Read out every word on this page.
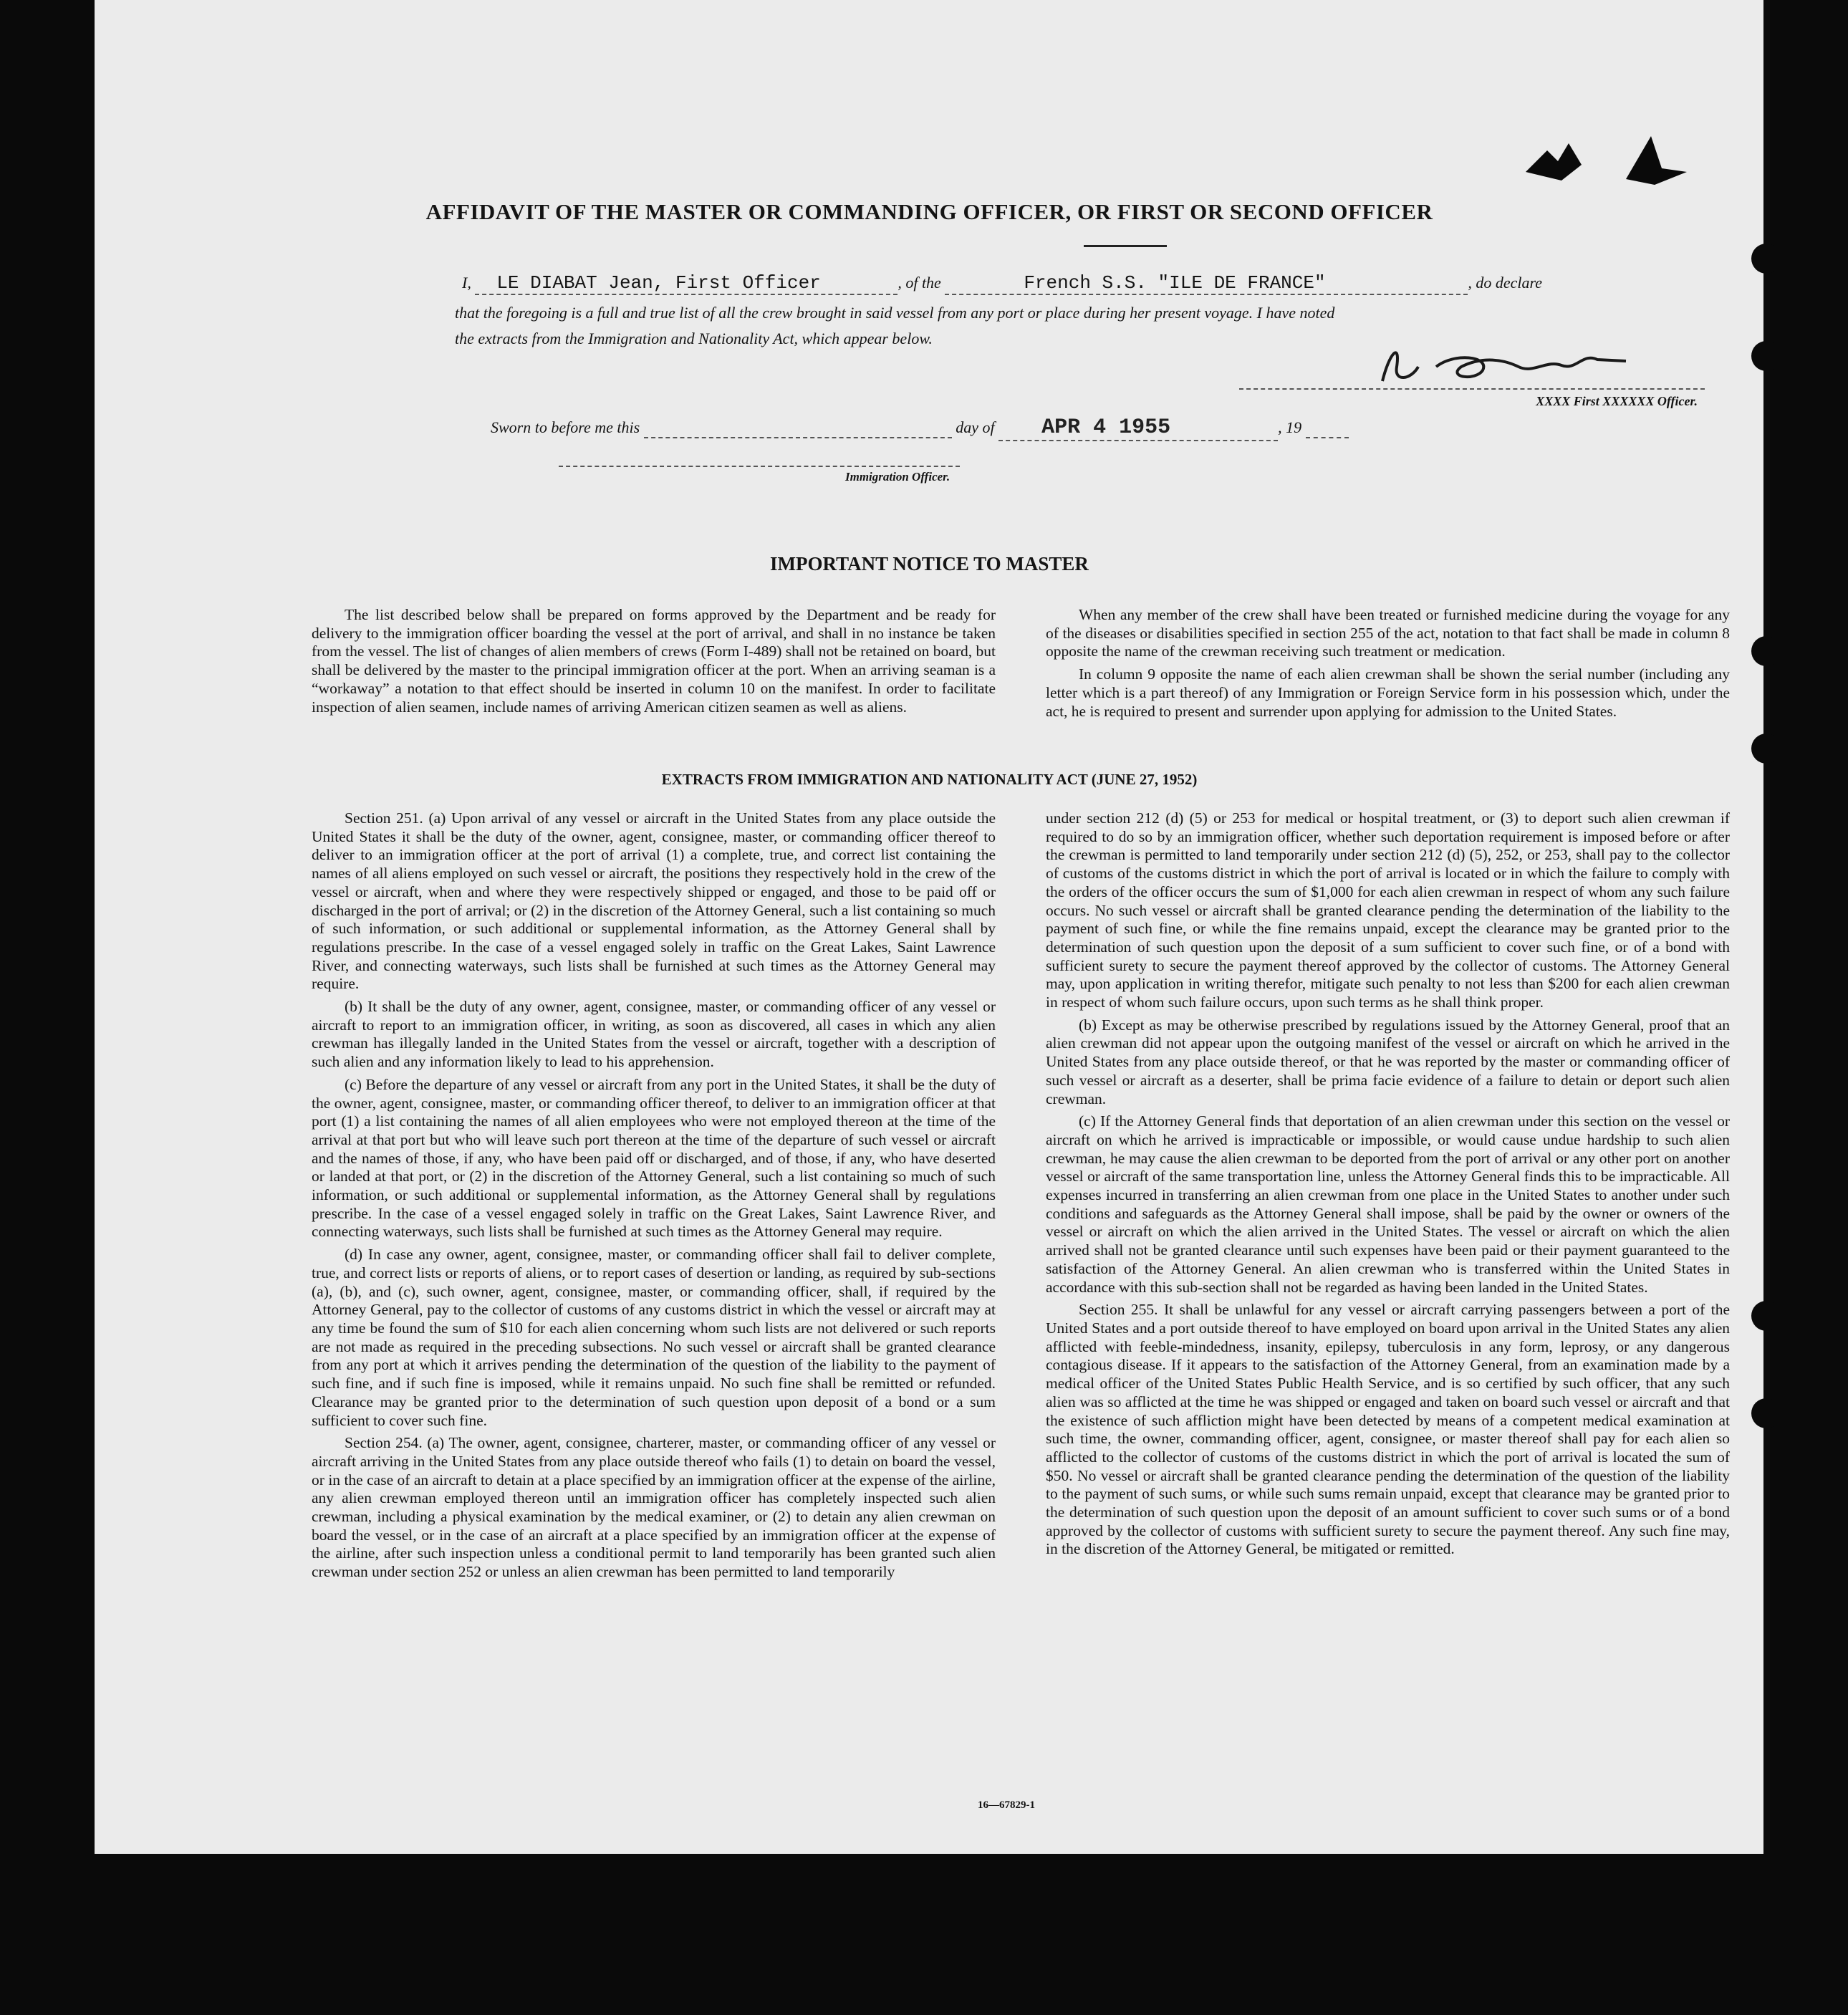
AFFIDAVIT OF THE MASTER OR COMMANDING OFFICER, OR FIRST OR SECOND OFFICER
I, LE DIABAT Jean, First Officer	, of the	French S.S. "ILE DE FRANCE"	, do declare
that the foregoing is a full and true list of all the crew brought in said vessel from any port or place during her present voyage. I have noted
the extracts from the Immigration and Nationality Act, which appear below.
XXXX First XXXXXX Officer.
Sworn to before me this	day of APR 4 1955	, 19
Immigration Officer.
IMPORTANT NOTICE TO MASTER

The list described below shall be prepared on forms approved by the Department and be ready for delivery to the immigration officer boarding the vessel at the port of arrival, and shall in no instance be taken from the vessel. The list of changes of alien members of crews (Form I-489) shall not be retained on board, but shall be delivered by the master to the principal immigration officer at the port. When an arriving seaman is a “workaway” a notation to that effect should be inserted in column 10 on the manifest. In order to facilitate inspection of alien seamen, include names of arriving American citizen seamen as well as aliens.

When any member of the crew shall have been treated or furnished medicine during the voyage for any of the diseases or disabilities specified in section 255 of the act, notation to that fact shall be made in column 8 opposite the name of the crewman receiving such treatment or medication.

In column 9 opposite the name of each alien crewman shall be shown the serial number (including any letter which is a part thereof) of any Immigration or Foreign Service form in his possession which, under the act, he is required to present and surrender upon applying for admission to the United States.

EXTRACTS FROM IMMIGRATION AND NATIONALITY ACT (JUNE 27, 1952)

Section 251. (a) Upon arrival of any vessel or aircraft in the United States from any place outside the United States it shall be the duty of the owner, agent, consignee, master, or commanding officer thereof to deliver to an immigration officer at the port of arrival (1) a complete, true, and correct list containing the names of all aliens employed on such vessel or aircraft, the positions they respectively hold in the crew of the vessel or aircraft, when and where they were respectively shipped or engaged, and those to be paid off or discharged in the port of arrival; or (2) in the discretion of the Attorney General, such a list containing so much of such information, or such additional or supplemental information, as the Attorney General shall by regulations prescribe. In the case of a vessel engaged solely in traffic on the Great Lakes, Saint Lawrence River, and connecting waterways, such lists shall be furnished at such times as the Attorney General may require.

(b) It shall be the duty of any owner, agent, consignee, master, or commanding officer of any vessel or aircraft to report to an immigration officer, in writing, as soon as discovered, all cases in which any alien crewman has illegally landed in the United States from the vessel or aircraft, together with a description of such alien and any information likely to lead to his apprehension.

(c) Before the departure of any vessel or aircraft from any port in the United States, it shall be the duty of the owner, agent, consignee, master, or commanding officer thereof, to deliver to an immigration officer at that port (1) a list containing the names of all alien employees who were not employed thereon at the time of the arrival at that port but who will leave such port thereon at the time of the departure of such vessel or aircraft and the names of those, if any, who have been paid off or discharged, and of those, if any, who have deserted or landed at that port, or (2) in the discretion of the Attorney General, such a list containing so much of such information, or such additional or supplemental information, as the Attorney General shall by regulations prescribe. In the case of a vessel engaged solely in traffic on the Great Lakes, Saint Lawrence River, and connecting waterways, such lists shall be furnished at such times as the Attorney General may require.

(d) In case any owner, agent, consignee, master, or commanding officer shall fail to deliver complete, true, and correct lists or reports of aliens, or to report cases of desertion or landing, as required by sub-sections (a), (b), and (c), such owner, agent, consignee, master, or commanding officer, shall, if required by the Attorney General, pay to the collector of customs of any customs district in which the vessel or aircraft may at any time be found the sum of $10 for each alien concerning whom such lists are not delivered or such reports are not made as required in the preceding subsections. No such vessel or aircraft shall be granted clearance from any port at which it arrives pending the determination of the question of the liability to the payment of such fine, and if such fine is imposed, while it remains unpaid. No such fine shall be remitted or refunded. Clearance may be granted prior to the determination of such question upon deposit of a bond or a sum sufficient to cover such fine.

Section 254. (a) The owner, agent, consignee, charterer, master, or commanding officer of any vessel or aircraft arriving in the United States from any place outside thereof who fails (1) to detain on board the vessel, or in the case of an aircraft to detain at a place specified by an immigration officer at the expense of the airline, any alien crewman employed thereon until an immigration officer has completely inspected such alien crewman, including a physical examination by the medical examiner, or (2) to detain any alien crewman on board the vessel, or in the case of an aircraft at a place specified by an immigration officer at the expense of the airline, after such inspection unless a conditional permit to land temporarily has been granted such alien crewman under section 252 or unless an alien crewman has been permitted to land temporarily

under section 212 (d) (5) or 253 for medical or hospital treatment, or (3) to deport such alien crewman if required to do so by an immigration officer, whether such deportation requirement is imposed before or after the crewman is permitted to land temporarily under section 212 (d) (5), 252, or 253, shall pay to the collector of customs of the customs district in which the port of arrival is located or in which the failure to comply with the orders of the officer occurs the sum of $1,000 for each alien crewman in respect of whom any such failure occurs. No such vessel or aircraft shall be granted clearance pending the determination of the liability to the payment of such fine, or while the fine remains unpaid, except the clearance may be granted prior to the determination of such question upon the deposit of a sum sufficient to cover such fine, or of a bond with sufficient surety to secure the payment thereof approved by the collector of customs. The Attorney General may, upon application in writing therefor, mitigate such penalty to not less than $200 for each alien crewman in respect of whom such failure occurs, upon such terms as he shall think proper.

(b) Except as may be otherwise prescribed by regulations issued by the Attorney General, proof that an alien crewman did not appear upon the outgoing manifest of the vessel or aircraft on which he arrived in the United States from any place outside thereof, or that he was reported by the master or commanding officer of such vessel or aircraft as a deserter, shall be prima facie evidence of a failure to detain or deport such alien crewman.

(c) If the Attorney General finds that deportation of an alien crewman under this section on the vessel or aircraft on which he arrived is impracticable or impossible, or would cause undue hardship to such alien crewman, he may cause the alien crewman to be deported from the port of arrival or any other port on another vessel or aircraft of the same transportation line, unless the Attorney General finds this to be impracticable. All expenses incurred in transferring an alien crewman from one place in the United States to another under such conditions and safeguards as the Attorney General shall impose, shall be paid by the owner or owners of the vessel or aircraft on which the alien arrived in the United States. The vessel or aircraft on which the alien arrived shall not be granted clearance until such expenses have been paid or their payment guaranteed to the satisfaction of the Attorney General. An alien crewman who is transferred within the United States in accordance with this sub-section shall not be regarded as having been landed in the United States.

Section 255. It shall be unlawful for any vessel or aircraft carrying passengers between a port of the United States and a port outside thereof to have employed on board upon arrival in the United States any alien afflicted with feeble-mindedness, insanity, epilepsy, tuberculosis in any form, leprosy, or any dangerous contagious disease. If it appears to the satisfaction of the Attorney General, from an examination made by a medical officer of the United States Public Health Service, and is so certified by such officer, that any such alien was so afflicted at the time he was shipped or engaged and taken on board such vessel or aircraft and that the existence of such affliction might have been detected by means of a competent medical examination at such time, the owner, commanding officer, agent, consignee, or master thereof shall pay for each alien so afflicted to the collector of customs of the customs district in which the port of arrival is located the sum of $50. No vessel or aircraft shall be granted clearance pending the determination of the question of the liability to the payment of such sums, or while such sums remain unpaid, except that clearance may be granted prior to the determination of such question upon the deposit of an amount sufficient to cover such sums or of a bond approved by the collector of customs with sufficient surety to secure the payment thereof. Any such fine may, in the discretion of the Attorney General, be mitigated or remitted.

16—67829-1
